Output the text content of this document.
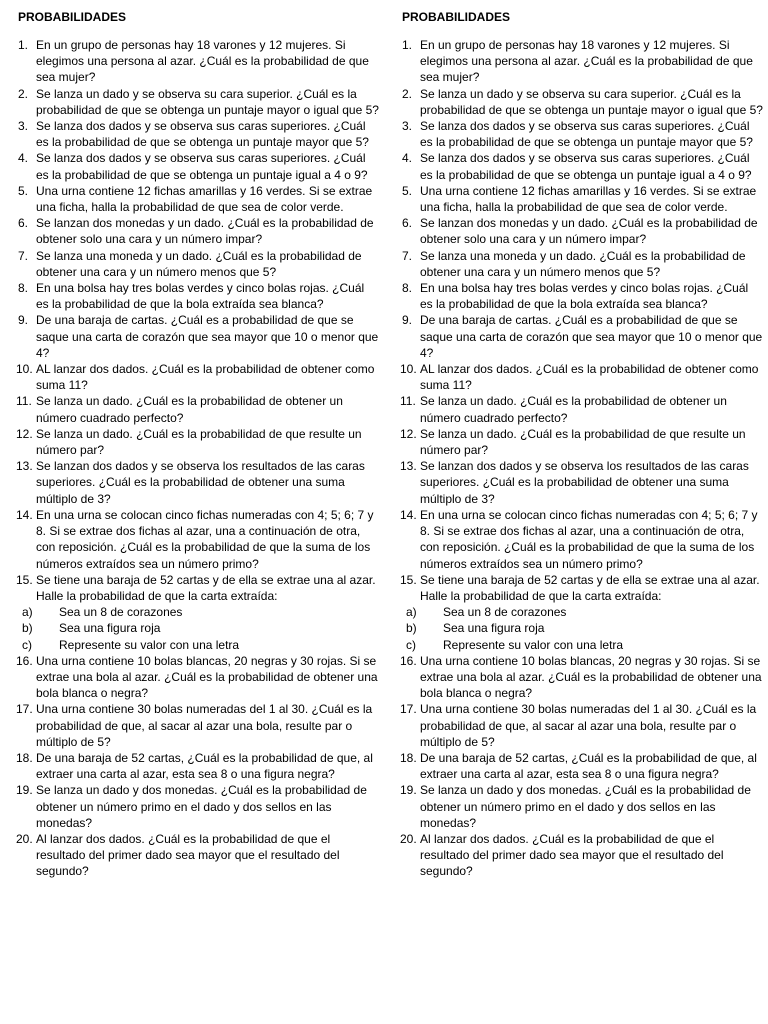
PROBABILIDADES
1. En un grupo de personas hay 18 varones y 12 mujeres. Si elegimos una persona al azar. ¿Cuál es la probabilidad de que sea mujer?
2. Se lanza un dado y se observa su cara superior. ¿Cuál es la probabilidad de que se obtenga un puntaje mayor o igual que 5?
3. Se lanza dos dados y se observa sus caras superiores. ¿Cuál es la probabilidad de que se obtenga un puntaje mayor que 5?
4. Se lanza dos dados y se observa sus caras superiores. ¿Cuál es la probabilidad de que se obtenga un puntaje igual a 4 o 9?
5. Una urna contiene 12 fichas amarillas y 16 verdes. Si se extrae una ficha, halla la probabilidad de que sea de color verde.
6. Se lanzan dos monedas y un dado. ¿Cuál es la probabilidad de obtener solo una cara y un número impar?
7. Se lanza una moneda y un dado. ¿Cuál es la probabilidad de obtener una cara y un número menos que 5?
8. En una bolsa hay tres bolas verdes y cinco bolas rojas. ¿Cuál es la probabilidad de que la bola extraída sea blanca?
9. De una baraja de cartas. ¿Cuál es a probabilidad de que se saque una carta de corazón que sea mayor que 10 o menor que 4?
10. AL lanzar dos dados. ¿Cuál es la probabilidad de obtener como suma 11?
11. Se lanza un dado. ¿Cuál es la probabilidad de obtener un número cuadrado perfecto?
12. Se lanza un dado. ¿Cuál es la probabilidad de que resulte un número par?
13. Se lanzan dos dados y se observa los resultados de las caras superiores. ¿Cuál es la probabilidad de obtener una suma múltiplo de 3?
14. En una urna se colocan cinco fichas numeradas con 4; 5; 6; 7 y 8. Si se extrae dos fichas al azar, una a continuación de otra, con reposición. ¿Cuál es la probabilidad de que la suma de los números extraídos sea un número primo?
15. Se tiene una baraja de 52 cartas y de ella se extrae una al azar. Halle la probabilidad de que la carta extraída:
a) Sea un 8 de corazones
b) Sea una figura roja
c) Represente su valor con una letra
16. Una urna contiene 10 bolas blancas, 20 negras y 30 rojas. Si se extrae una bola al azar. ¿Cuál es la probabilidad de obtener una bola blanca o negra?
17. Una urna contiene 30 bolas numeradas del 1 al 30. ¿Cuál es la probabilidad de que, al sacar al azar una bola, resulte par o múltiplo de 5?
18. De una baraja de 52 cartas, ¿Cuál es la probabilidad de que, al extraer una carta al azar, esta sea 8 o una figura negra?
19. Se lanza un dado y dos monedas. ¿Cuál es la probabilidad de obtener un número primo en el dado y dos sellos en las monedas?
20. Al lanzar dos dados. ¿Cuál es la probabilidad de que el resultado del primer dado sea mayor que el resultado del segundo?
PROBABILIDADES
1. En un grupo de personas hay 18 varones y 12 mujeres. Si elegimos una persona al azar. ¿Cuál es la probabilidad de que sea mujer?
2. Se lanza un dado y se observa su cara superior. ¿Cuál es la probabilidad de que se obtenga un puntaje mayor o igual que 5?
3. Se lanza dos dados y se observa sus caras superiores. ¿Cuál es la probabilidad de que se obtenga un puntaje mayor que 5?
4. Se lanza dos dados y se observa sus caras superiores. ¿Cuál es la probabilidad de que se obtenga un puntaje igual a 4 o 9?
5. Una urna contiene 12 fichas amarillas y 16 verdes. Si se extrae una ficha, halla la probabilidad de que sea de color verde.
6. Se lanzan dos monedas y un dado. ¿Cuál es la probabilidad de obtener solo una cara y un número impar?
7. Se lanza una moneda y un dado. ¿Cuál es la probabilidad de obtener una cara y un número menos que 5?
8. En una bolsa hay tres bolas verdes y cinco bolas rojas. ¿Cuál es la probabilidad de que la bola extraída sea blanca?
9. De una baraja de cartas. ¿Cuál es a probabilidad de que se saque una carta de corazón que sea mayor que 10 o menor que 4?
10. AL lanzar dos dados. ¿Cuál es la probabilidad de obtener como suma 11?
11. Se lanza un dado. ¿Cuál es la probabilidad de obtener un número cuadrado perfecto?
12. Se lanza un dado. ¿Cuál es la probabilidad de que resulte un número par?
13. Se lanzan dos dados y se observa los resultados de las caras superiores. ¿Cuál es la probabilidad de obtener una suma múltiplo de 3?
14. En una urna se colocan cinco fichas numeradas con 4; 5; 6; 7 y 8. Si se extrae dos fichas al azar, una a continuación de otra, con reposición. ¿Cuál es la probabilidad de que la suma de los números extraídos sea un número primo?
15. Se tiene una baraja de 52 cartas y de ella se extrae una al azar. Halle la probabilidad de que la carta extraída:
a) Sea un 8 de corazones
b) Sea una figura roja
c) Represente su valor con una letra
16. Una urna contiene 10 bolas blancas, 20 negras y 30 rojas. Si se extrae una bola al azar. ¿Cuál es la probabilidad de obtener una bola blanca o negra?
17. Una urna contiene 30 bolas numeradas del 1 al 30. ¿Cuál es la probabilidad de que, al sacar al azar una bola, resulte par o múltiplo de 5?
18. De una baraja de 52 cartas, ¿Cuál es la probabilidad de que, al extraer una carta al azar, esta sea 8 o una figura negra?
19. Se lanza un dado y dos monedas. ¿Cuál es la probabilidad de obtener un número primo en el dado y dos sellos en las monedas?
20. Al lanzar dos dados. ¿Cuál es la probabilidad de que el resultado del primer dado sea mayor que el resultado del segundo?
